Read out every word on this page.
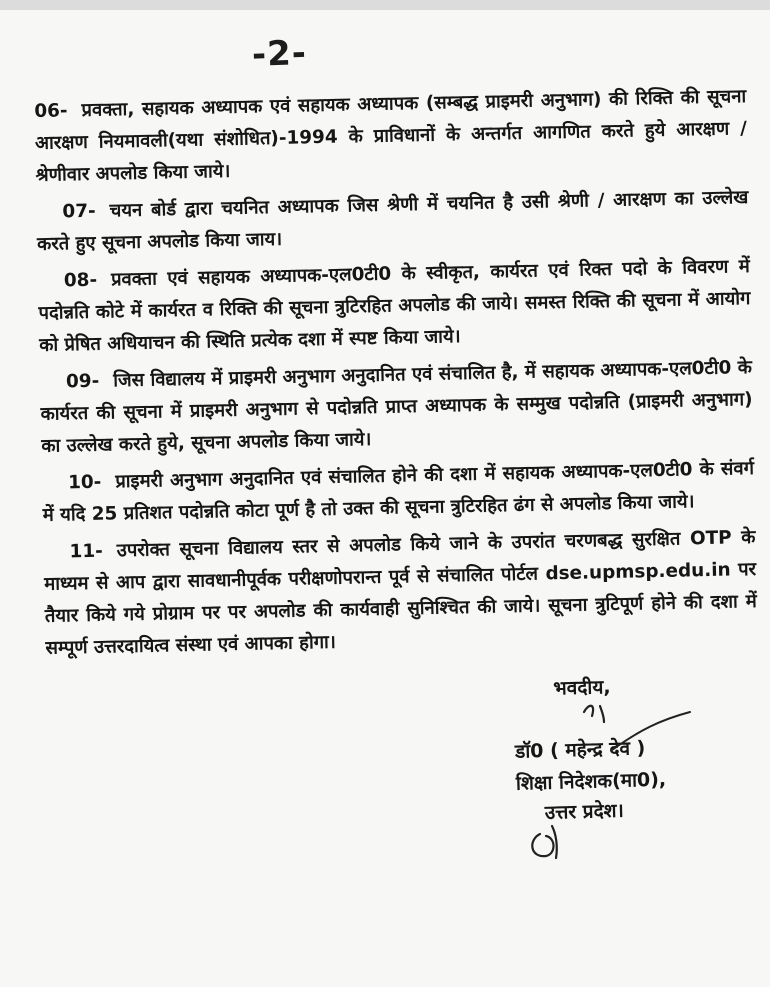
-2-

06- प्रवक्ता, सहायक अध्यापक एवं सहायक अध्यापक (सम्बद्ध प्राइमरी अनुभाग) की रिक्ति की सूचना आरक्षण नियमावली(यथा संशोधित)-1994 के प्राविधानों के अन्तर्गत आगणित करते हुये आरक्षण / श्रेणीवार अपलोड किया जाये।

07- चयन बोर्ड द्वारा चयनित अध्यापक जिस श्रेणी में चयनित है उसी श्रेणी / आरक्षण का उल्लेख करते हुए सूचना अपलोड किया जाय।

08- प्रवक्ता एवं सहायक अध्यापक-एल0टी0 के स्वीकृत, कार्यरत एवं रिक्त पदो के विवरण में पदोन्नति कोटे में कार्यरत व रिक्ति की सूचना त्रुटिरहित अपलोड की जाये। समस्त रिक्ति की सूचना में आयोग को प्रेषित अधियाचन की स्थिति प्रत्येक दशा में स्पष्ट किया जाये।

09- जिस विद्यालय में प्राइमरी अनुभाग अनुदानित एवं संचालित है, में सहायक अध्यापक-एल0टी0 के कार्यरत की सूचना में प्राइमरी अनुभाग से पदोन्नति प्राप्त अध्यापक के सम्मुख पदोन्नति (प्राइमरी अनुभाग) का उल्लेख करते हुये, सूचना अपलोड किया जाये।

10- प्राइमरी अनुभाग अनुदानित एवं संचालित होने की दशा में सहायक अध्यापक-एल0टी0 के संवर्ग में यदि 25 प्रतिशत पदोन्नति कोटा पूर्ण है तो उक्त की सूचना त्रुटिरहित ढंग से अपलोड किया जाये।

11- उपरोक्त सूचना विद्यालय स्तर से अपलोड किये जाने के उपरांत चरणबद्ध सुरक्षित OTP के माध्यम से आप द्वारा सावधानीपूर्वक परीक्षणोपरान्त पूर्व से संचालित पोर्टल dse.upmsp.edu.in पर तैयार किये गये प्रोग्राम पर पर अपलोड की कार्यवाही सुनिश्चित की जाये। सूचना त्रुटिपूर्ण होने की दशा में सम्पूर्ण उत्तरदायित्व संस्था एवं आपका होगा।

भवदीय,
डॉ0 ( महेन्द्र देव )
शिक्षा निदेशक(मा0),
उत्तर प्रदेश।
